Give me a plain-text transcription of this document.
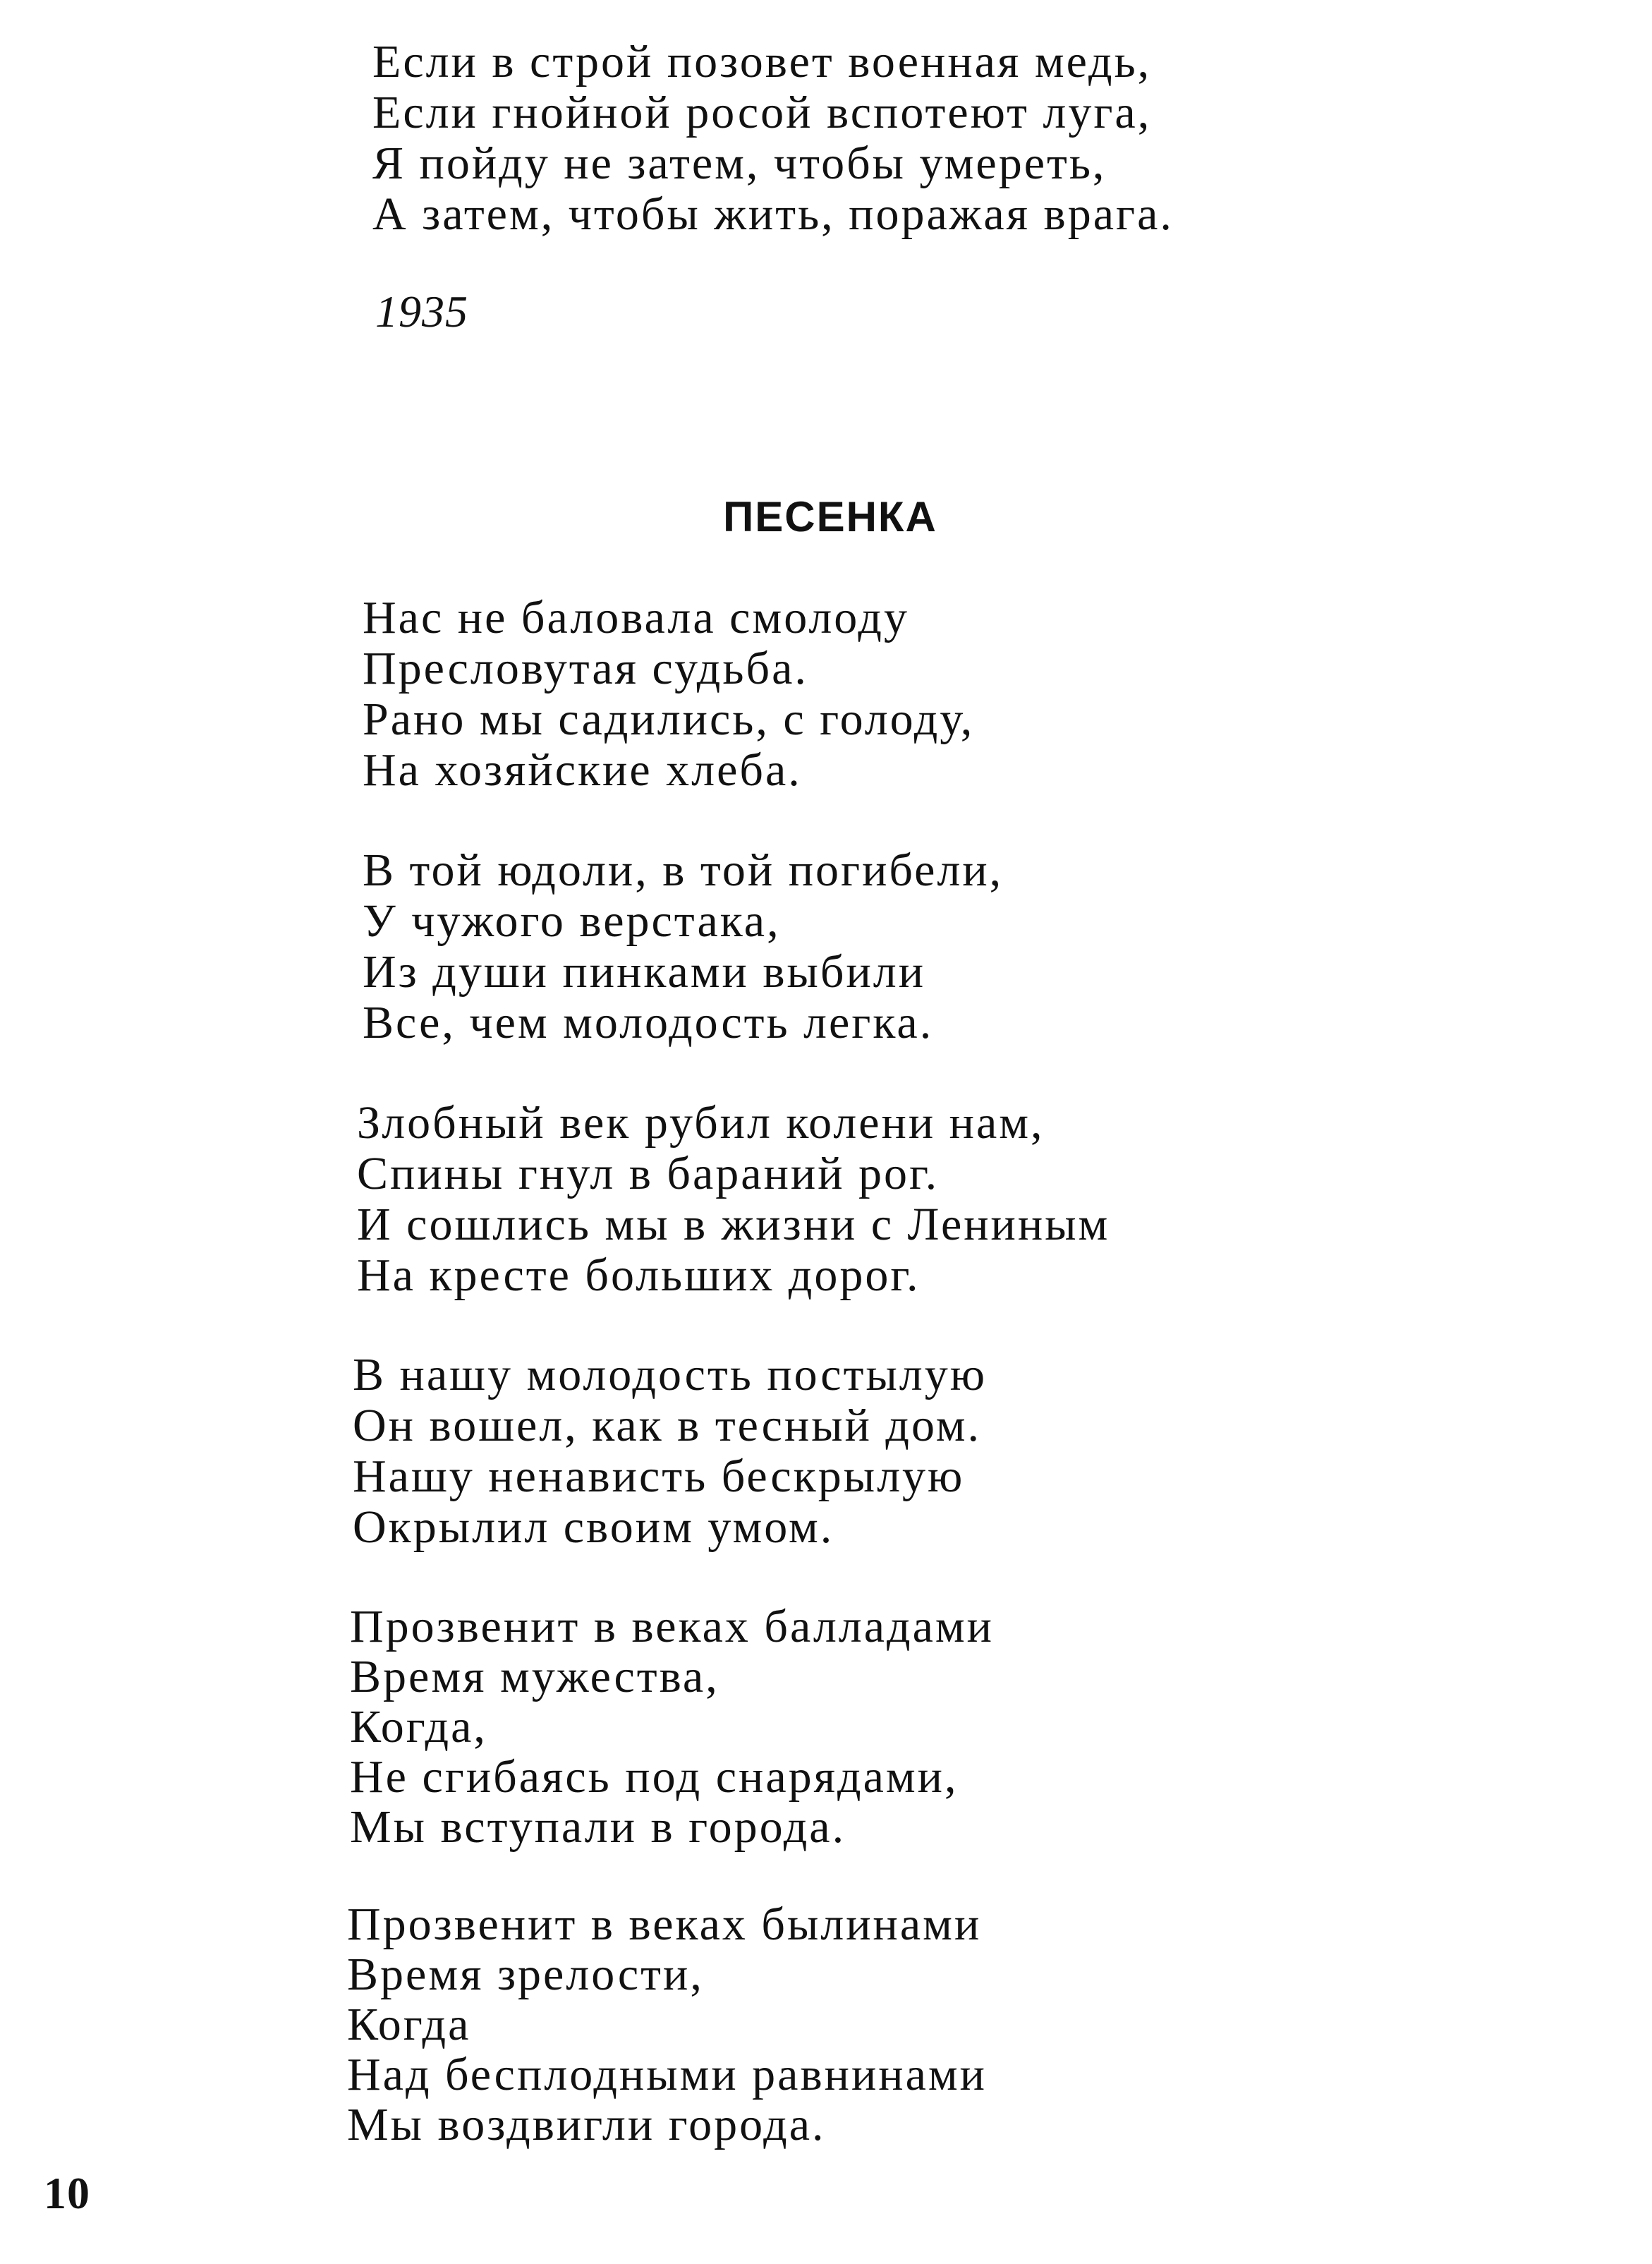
Если в строй позовет военная медь,
Если гнойной росой вспотеют луга,
Я пойду не затем, чтобы умереть,
А затем, чтобы жить, поражая врага.

1935

ПЕСЕНКА
Нас не баловала смолоду
Пресловутая судьба.
Рано мы садились, с голоду,
На хозяйские хлеба.
В той юдоли, в той погибели,
У чужого верстака,
Из души пинками выбили
Все, чем молодость легка.
Злобный век рубил колени нам,
Спины гнул в бараний рог.
И сошлись мы в жизни с Лениным
На кресте больших дорог.
В нашу молодость постылую
Он вошел, как в тесный дом.
Нашу ненависть бескрылую
Окрылил своим умом.
Прозвенит в веках балладами
Время мужества,
Когда,
Не сгибаясь под снарядами,
Мы вступали в города.
Прозвенит в веках былинами
Время зрелости,
Когда
Над бесплодными равнинами
Мы воздвигли города.

10
